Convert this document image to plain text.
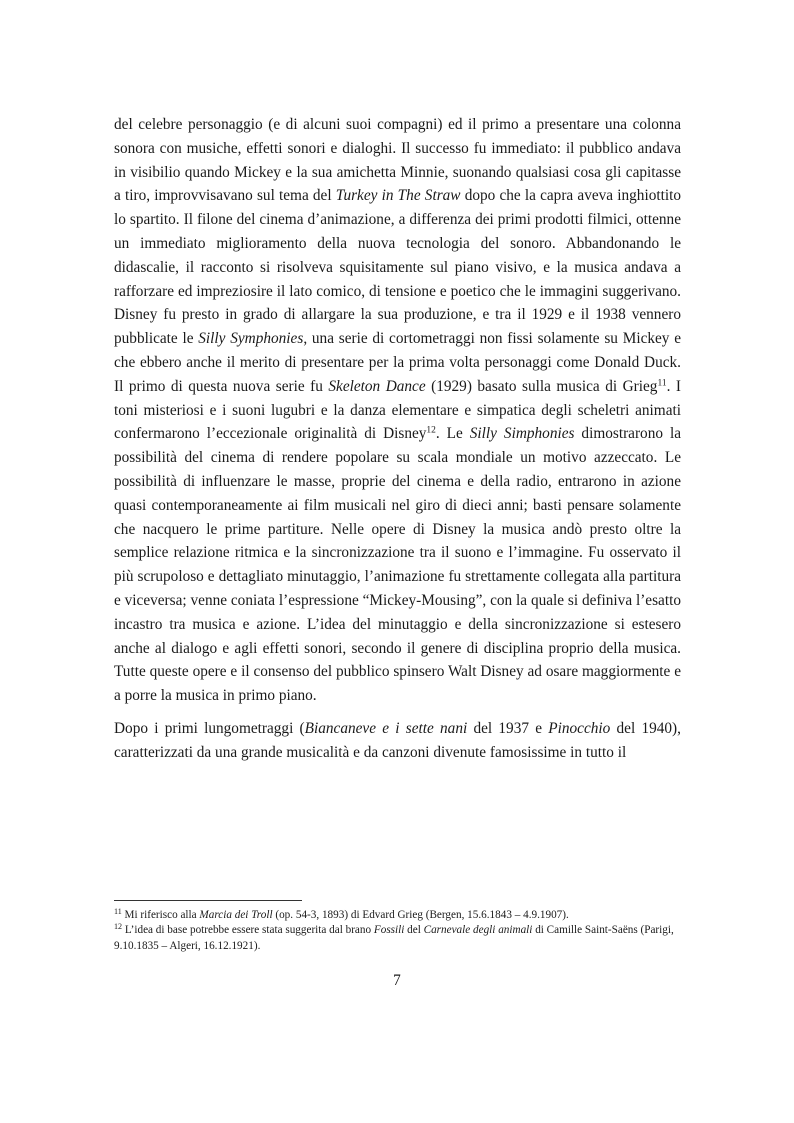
del celebre personaggio (e di alcuni suoi compagni) ed il primo a presentare una colonna sonora con musiche, effetti sonori e dialoghi. Il successo fu immediato: il pubblico andava in visibilio quando Mickey e la sua amichetta Minnie, suonando qualsiasi cosa gli capitasse a tiro, improvvisavano sul tema del Turkey in The Straw dopo che la capra aveva inghiottito lo spartito. Il filone del cinema d’animazione, a differenza dei primi prodotti filmici, ottenne un immediato miglioramento della nuova tecnologia del sonoro. Abbandonando le didascalie, il racconto si risolveva squisitamente sul piano visivo, e la musica andava a rafforzare ed impreziosire il lato comico, di tensione e poetico che le immagini suggerivano. Disney fu presto in grado di allargare la sua produzione, e tra il 1929 e il 1938 vennero pubblicate le Silly Symphonies, una serie di cortometraggi non fissi solamente su Mickey e che ebbero anche il merito di presentare per la prima volta personaggi come Donald Duck. Il primo di questa nuova serie fu Skeleton Dance (1929) basato sulla musica di Grieg$^{11}$. I toni misteriosi e i suoni lugubri e la danza elementare e simpatica degli scheletri animati confermarono l’eccezionale originalità di Disney$^{12}$. Le Silly Simphonies dimostrarono la possibilità del cinema di rendere popolare su scala mondiale un motivo azzeccato. Le possibilità di influenzare le masse, proprie del cinema e della radio, entrarono in azione quasi contemporaneamente ai film musicali nel giro di dieci anni; basti pensare solamente che nacquero le prime partiture. Nelle opere di Disney la musica andò presto oltre la semplice relazione ritmica e la sincronizzazione tra il suono e l’immagine. Fu osservato il più scrupoloso e dettagliato minutaggio, l’animazione fu strettamente collegata alla partitura e viceversa; venne coniata l’espressione “Mickey-Mousing”, con la quale si definiva l’esatto incastro tra musica e azione. L’idea del minutaggio e della sincronizzazione si estesero anche al dialogo e agli effetti sonori, secondo il genere di disciplina proprio della musica. Tutte queste opere e il consenso del pubblico spinsero Walt Disney ad osare maggiormente e a porre la musica in primo piano.

Dopo i primi lungometraggi (Biancaneve e i sette nani del 1937 e Pinocchio del 1940), caratterizzati da una grande musicalità e da canzoni divenute famosissime in tutto il

$^{11}$ Mi riferisco alla Marcia dei Troll (op. 54-3, 1893) di Edvard Grieg (Bergen, 15.6.1843 – 4.9.1907).

$^{12}$ L’idea di base potrebbe essere stata suggerita dal brano Fossili del Carnevale degli animali di Camille Saint-Saëns (Parigi, 9.10.1835 – Algeri, 16.12.1921).

7
